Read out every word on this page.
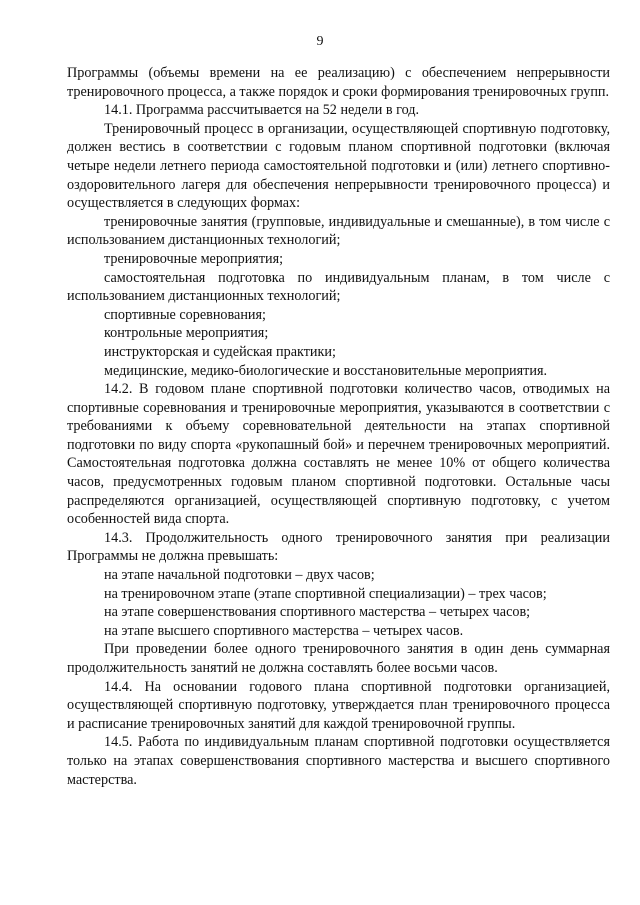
9

Программы (объемы времени на ее реализацию) с обеспечением непрерывности тренировочного процесса, а также порядок и сроки формирования тренировочных групп.

14.1. Программа рассчитывается на 52 недели в год.

Тренировочный процесс в организации, осуществляющей спортивную подготовку, должен вестись в соответствии с годовым планом спортивной подготовки (включая четыре недели летнего периода самостоятельной подготовки и (или) летнего спортивно-оздоровительного лагеря для обеспечения непрерывности тренировочного процесса) и осуществляется в следующих формах:

тренировочные занятия (групповые, индивидуальные и смешанные), в том числе с использованием дистанционных технологий;

тренировочные мероприятия;

самостоятельная подготовка по индивидуальным планам, в том числе с использованием дистанционных технологий;

спортивные соревнования;

контрольные мероприятия;

инструкторская и судейская практики;

медицинские, медико-биологические и восстановительные мероприятия.

14.2. В годовом плане спортивной подготовки количество часов, отводимых на спортивные соревнования и тренировочные мероприятия, указываются в соответствии с требованиями к объему соревновательной деятельности на этапах спортивной подготовки по виду спорта «рукопашный бой» и перечнем тренировочных мероприятий. Самостоятельная подготовка должна составлять не менее 10% от общего количества часов, предусмотренных годовым планом спортивной подготовки. Остальные часы распределяются организацией, осуществляющей спортивную подготовку, с учетом особенностей вида спорта.

14.3. Продолжительность одного тренировочного занятия при реализации Программы не должна превышать:

на этапе начальной подготовки – двух часов;

на тренировочном этапе (этапе спортивной специализации) – трех часов;

на этапе совершенствования спортивного мастерства – четырех часов;

на этапе высшего спортивного мастерства – четырех часов.

При проведении более одного тренировочного занятия в один день суммарная продолжительность занятий не должна составлять более восьми часов.

14.4. На основании годового плана спортивной подготовки организацией, осуществляющей спортивную подготовку, утверждается план тренировочного процесса и расписание тренировочных занятий для каждой тренировочной группы.

14.5. Работа по индивидуальным планам спортивной подготовки осуществляется только на этапах совершенствования спортивного мастерства и высшего спортивного мастерства.
